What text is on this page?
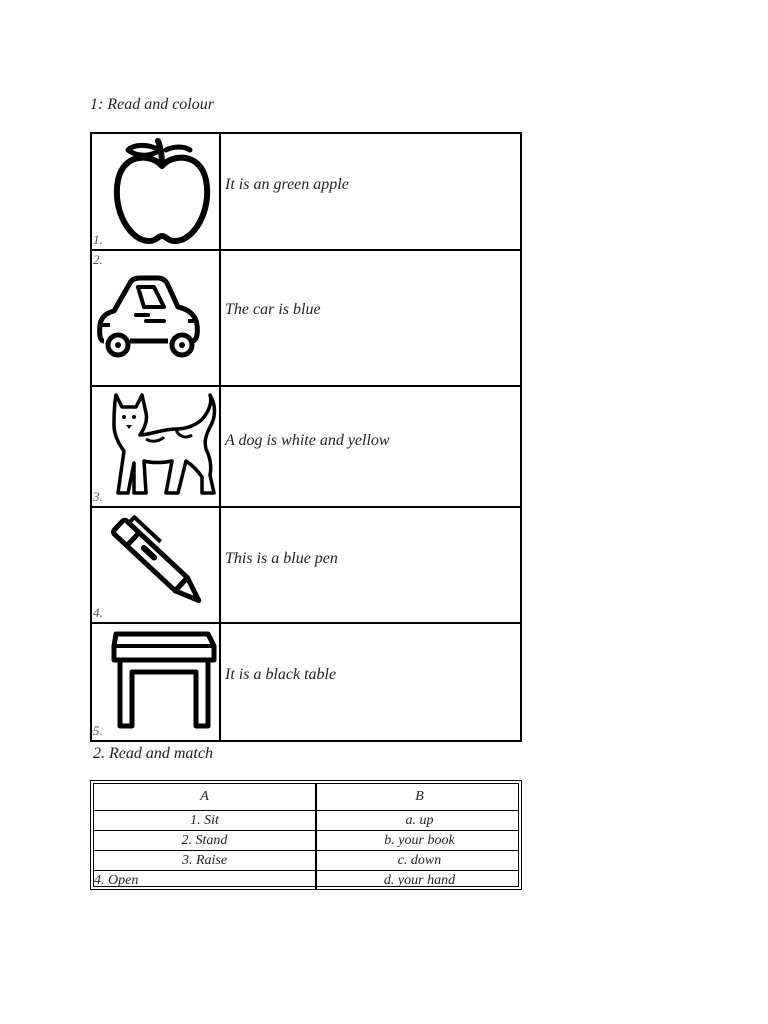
1: Read and colour
1.
It is an green apple
2.
The car is blue
3.
A dog is white and yellow
4.
This is a blue pen
5.
It is a black table
2. Read and match
A	B
1. Sit	a. up
2. Stand	b. your book
3. Raise	c. down
4. Open	d. your hand
